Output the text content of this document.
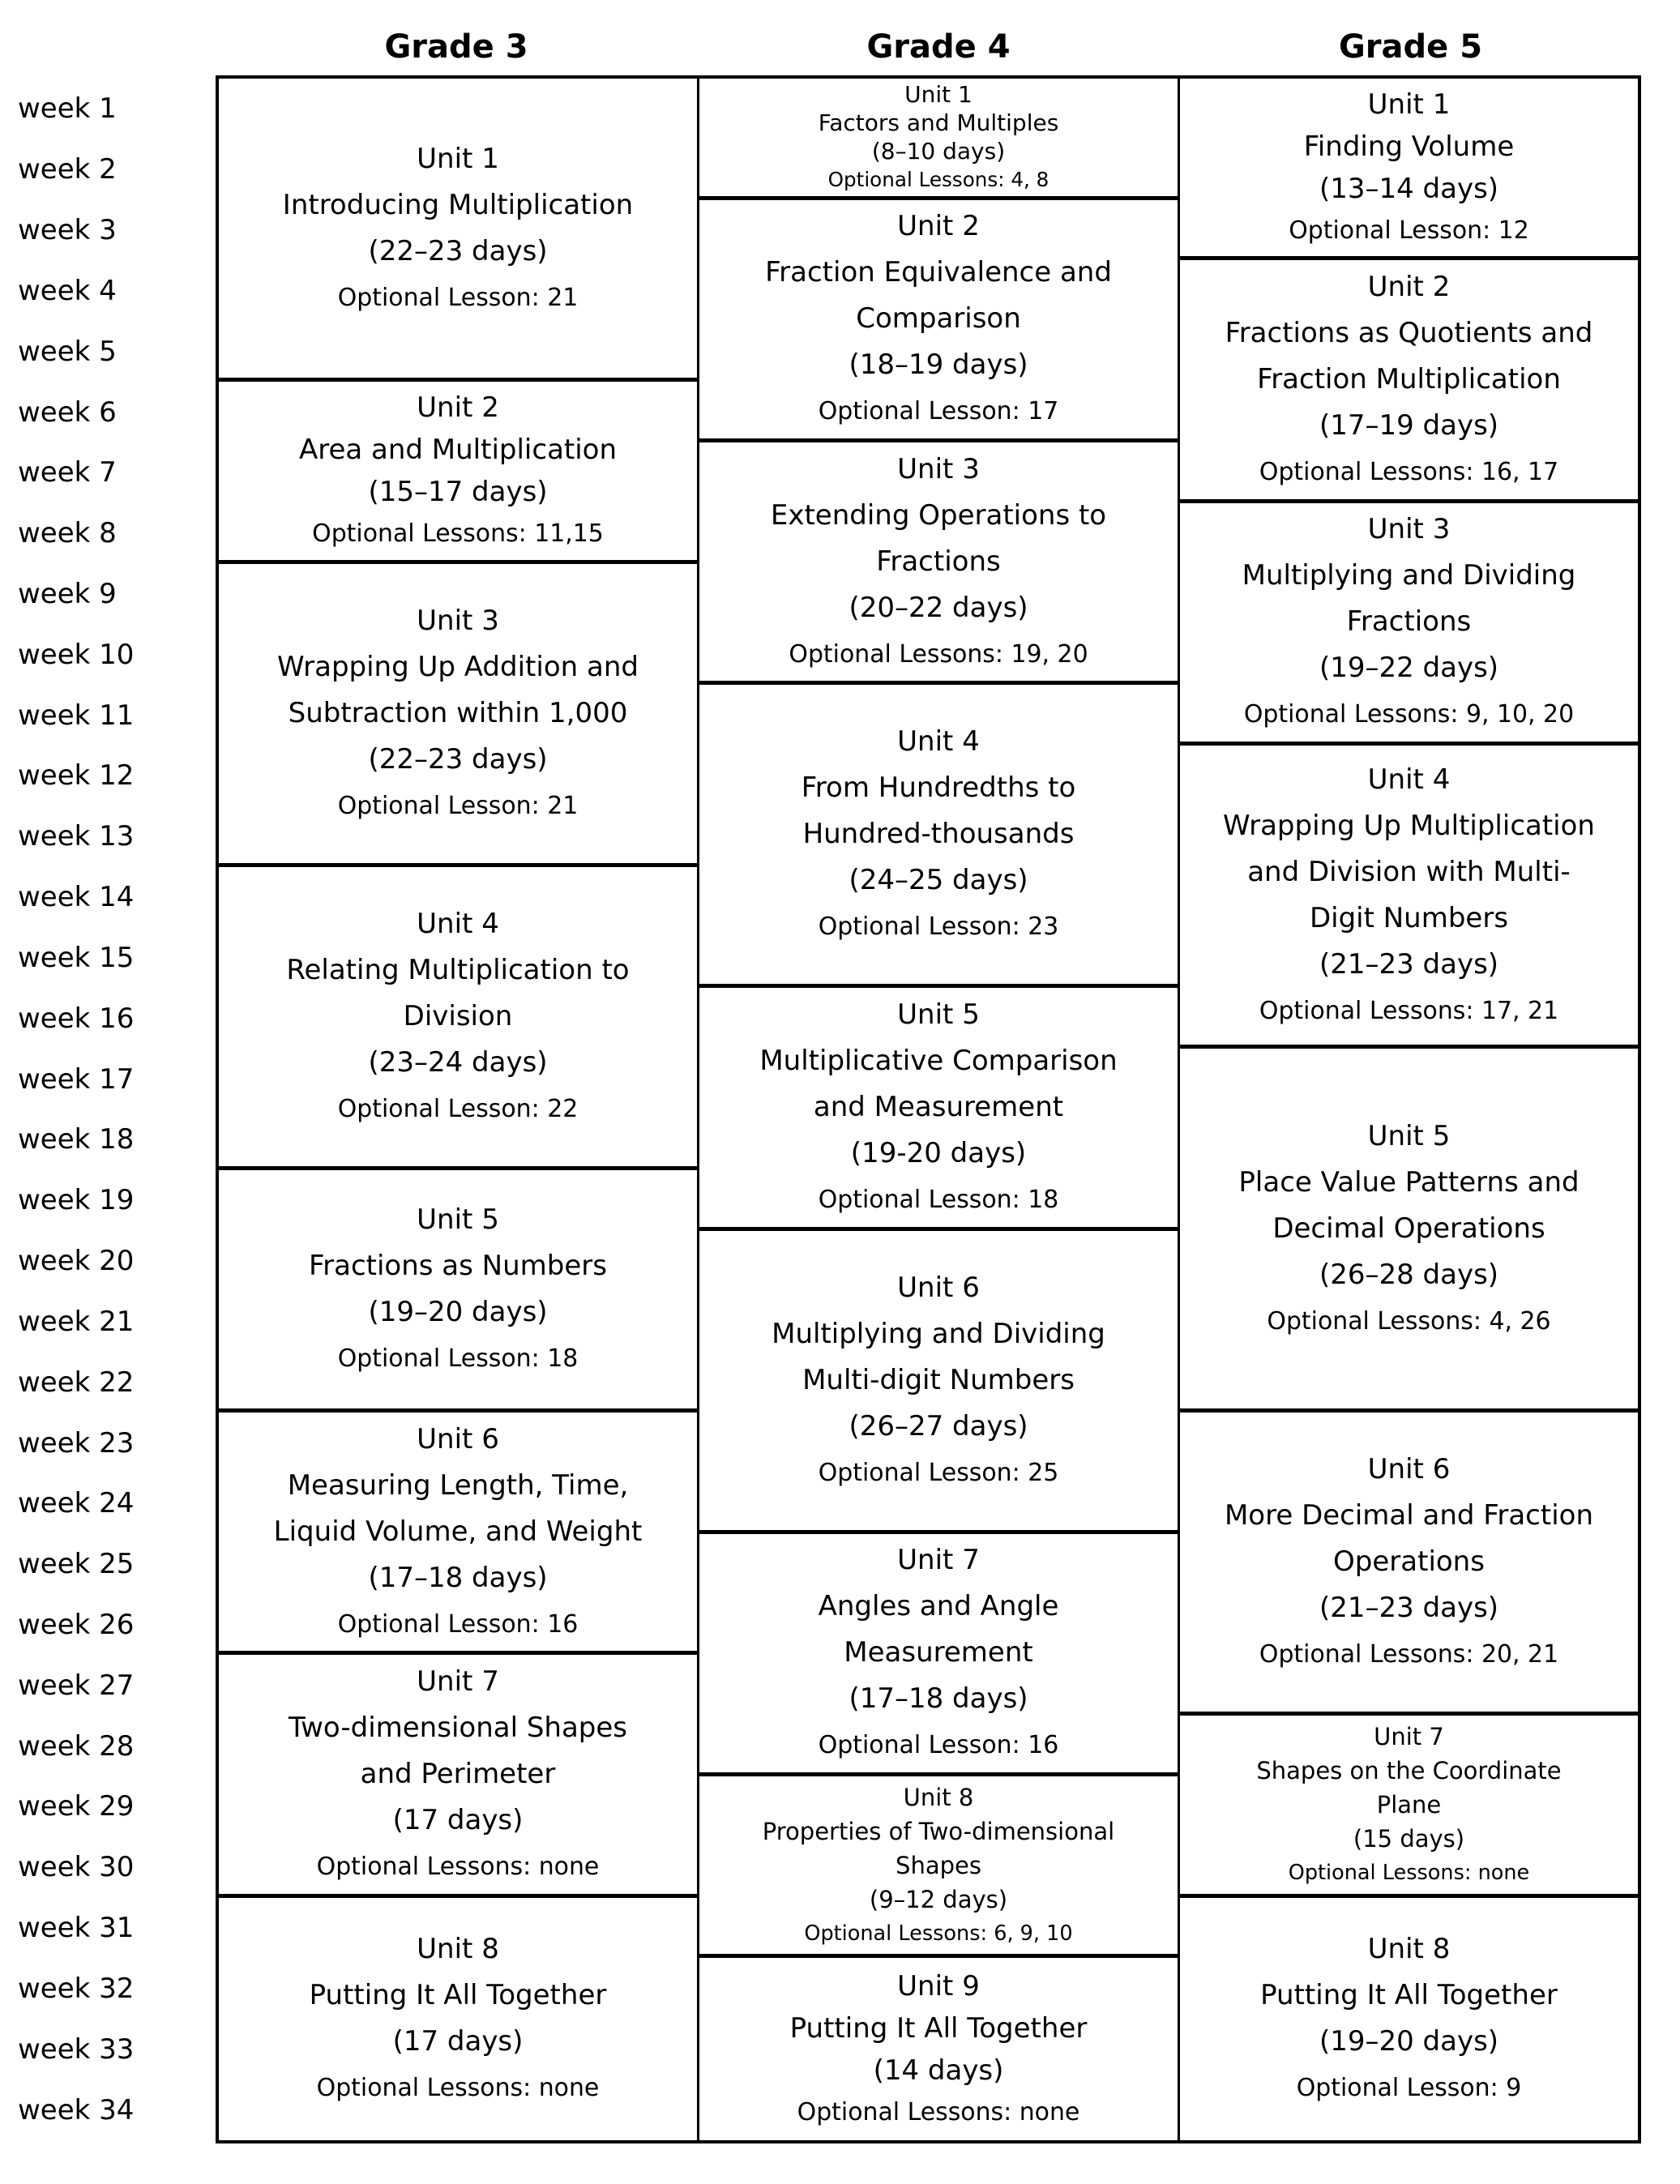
Grade 3	Grade 4	Grade 5
week 1
week 2
week 3
week 4
week 5
week 6
week 7
week 8
week 9
week 10
week 11
week 12
week 13
week 14
week 15
week 16
week 17
week 18
week 19
week 20
week 21
week 22
week 23
week 24
week 25
week 26
week 27
week 28
week 29
week 30
week 31
week 32
week 33
week 34
Unit 1
Introducing Multiplication
(22–23 days)
Optional Lesson: 21
Unit 2
Area and Multiplication
(15–17 days)
Optional Lessons: 11,15
Unit 3
Wrapping Up Addition and
Subtraction within 1,000
(22–23 days)
Optional Lesson: 21
Unit 4
Relating Multiplication to
Division
(23–24 days)
Optional Lesson: 22
Unit 5
Fractions as Numbers
(19–20 days)
Optional Lesson: 18
Unit 6
Measuring Length, Time,
Liquid Volume, and Weight
(17–18 days)
Optional Lesson: 16
Unit 7
Two-dimensional Shapes
and Perimeter
(17 days)
Optional Lessons: none
Unit 8
Putting It All Together
(17 days)
Optional Lessons: none
Unit 1
Factors and Multiples
(8–10 days)
Optional Lessons: 4, 8
Unit 2
Fraction Equivalence and
Comparison
(18–19 days)
Optional Lesson: 17
Unit 3
Extending Operations to
Fractions
(20–22 days)
Optional Lessons: 19, 20
Unit 4
From Hundredths to
Hundred-thousands
(24–25 days)
Optional Lesson: 23
Unit 5
Multiplicative Comparison
and Measurement
(19-20 days)
Optional Lesson: 18
Unit 6
Multiplying and Dividing
Multi-digit Numbers
(26–27 days)
Optional Lesson: 25
Unit 7
Angles and Angle
Measurement
(17–18 days)
Optional Lesson: 16
Unit 8
Properties of Two-dimensional
Shapes
(9–12 days)
Optional Lessons: 6, 9, 10
Unit 9
Putting It All Together
(14 days)
Optional Lessons: none
Unit 1
Finding Volume
(13–14 days)
Optional Lesson: 12
Unit 2
Fractions as Quotients and
Fraction Multiplication
(17–19 days)
Optional Lessons: 16, 17
Unit 3
Multiplying and Dividing
Fractions
(19–22 days)
Optional Lessons: 9, 10, 20
Unit 4
Wrapping Up Multiplication
and Division with Multi-
Digit Numbers
(21–23 days)
Optional Lessons: 17, 21
Unit 5
Place Value Patterns and
Decimal Operations
(26–28 days)
Optional Lessons: 4, 26
Unit 6
More Decimal and Fraction
Operations
(21–23 days)
Optional Lessons: 20, 21
Unit 7
Shapes on the Coordinate
Plane
(15 days)
Optional Lessons: none
Unit 8
Putting It All Together
(19–20 days)
Optional Lesson: 9
